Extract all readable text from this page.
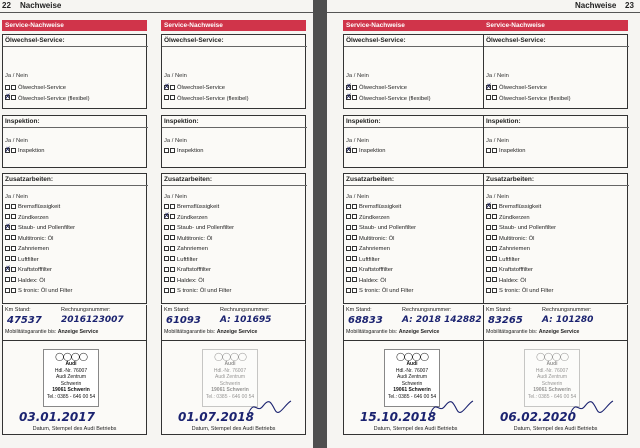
22 Nachweise
Service-Nachweise
Ölwechsel-Service:
Ja / Nein
Ölwechsel-Service
✗Ölwechsel-Service (flexibel)
Inspektion:
Ja / Nein
✗Inspektion
Zusatzarbeiten:
Ja / Nein
Bremsflüssigkeit
Zündkerzen
✗Staub- und Pollenfilter
Multitronic: Öl
Zahnriemen
Luftfilter
✗Kraftstofffilter
Haldex: Öl
S tronic: Öl und Filter
Km Stand:	Rechnungsnummer:
47537 2016123007
Mobilitätsgarantie bis: Anzeige Service
◯◯◯◯
Audi
Hdl.-Nr. 76007
Audi Zentrum
Schwerin
19061 Schwerin
Tel.: 0385 - 646 00 54
03.01.2017
Datum, Stempel des Audi Betriebs
Service-Nachweise
Ölwechsel-Service:
Ja / Nein
✗Ölwechsel-Service
Ölwechsel-Service (flexibel)
Inspektion:
Ja / Nein
Inspektion
Zusatzarbeiten:
Ja / Nein
Bremsflüssigkeit
✗Zündkerzen
Staub- und Pollenfilter
Multitronic: Öl
Zahnriemen
Luftfilter
Kraftstofffilter
Haldex: Öl
S tronic: Öl und Filter
Km Stand:	Rechnungsnummer:
61093 A: 101695
Mobilitätsgarantie bis: Anzeige Service
◯◯◯◯
Audi
Hdl.-Nr. 76007
Audi Zentrum
Schwerin
19061 Schwerin
Tel.: 0385 - 646 00 54
01.07.2018
Datum, Stempel des Audi Betriebs
Nachweise 23
Service-Nachweise
Ölwechsel-Service:
Ja / Nein
✗Ölwechsel-Service
✗Ölwechsel-Service (flexibel)
Inspektion:
Ja / Nein
✗Inspektion
Zusatzarbeiten:
Ja / Nein
Bremsflüssigkeit
Zündkerzen
Staub- und Pollenfilter
Multitronic: Öl
Zahnriemen
Luftfilter
Kraftstofffilter
Haldex: Öl
S tronic: Öl und Filter
Km Stand:	Rechnungsnummer:
68833 A: 2018 142882
Mobilitätsgarantie bis: Anzeige Service
◯◯◯◯
Audi
Hdl.-Nr. 76007
Audi Zentrum
Schwerin
19061 Schwerin
Tel.: 0385 - 646 00 54
15.10.2018
Datum, Stempel des Audi Betriebs
Service-Nachweise
Ölwechsel-Service:
Ja / Nein
✗Ölwechsel-Service
Ölwechsel-Service (flexibel)
Inspektion:
Ja / Nein
Inspektion
Zusatzarbeiten:
Ja / Nein
✗Bremsflüssigkeit
Zündkerzen
Staub- und Pollenfilter
Multitronic: Öl
Zahnriemen
Luftfilter
Kraftstofffilter
Haldex: Öl
S tronic: Öl und Filter
Km Stand:	Rechnungsnummer:
83265 A: 101280
Mobilitätsgarantie bis: Anzeige Service
◯◯◯◯
Audi
Hdl.-Nr. 76007
Audi Zentrum
Schwerin
19061 Schwerin
Tel.: 0385 - 646 00 54
06.02.2020
Datum, Stempel des Audi Betriebs
